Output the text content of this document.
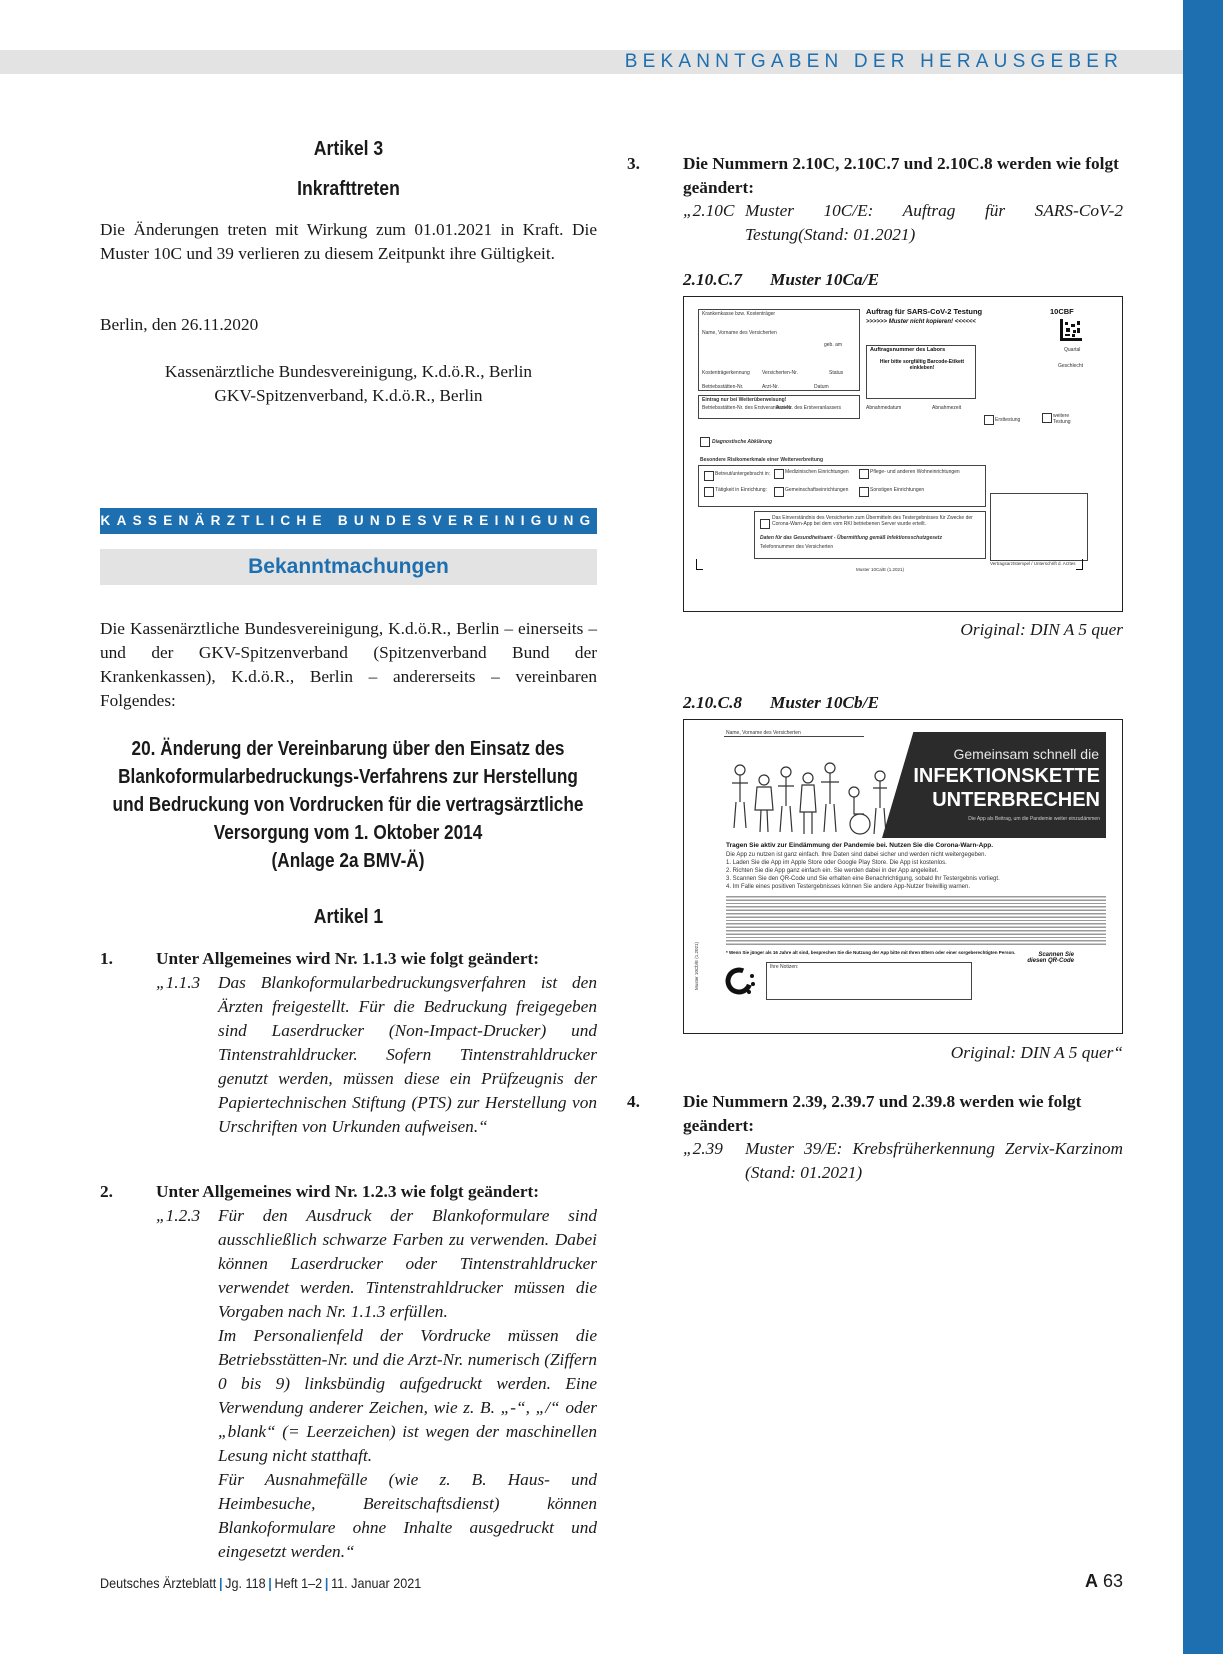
BEKANNTGABEN DER HERAUSGEBER
Artikel 3
Inkrafttreten
Die Änderungen treten mit Wirkung zum 01.01.2021 in Kraft. Die Muster 10C und 39 verlieren zu diesem Zeitpunkt ihre Gültigkeit.
Berlin, den 26.11.2020
Kassenärztliche Bundesvereinigung, K.d.ö.R., Berlin
GKV-Spitzenverband, K.d.ö.R., Berlin
KASSENÄRZTLICHE BUNDESVEREINIGUNG
Bekanntmachungen
Die Kassenärztliche Bundesvereinigung, K.d.ö.R., Berlin – einerseits – und der GKV-Spitzenverband (Spitzenverband Bund der Krankenkassen), K.d.ö.R., Berlin – andererseits – vereinbaren Folgendes:
20. Änderung der Vereinbarung über den Einsatz des
Blankoformularbedruckungs-Verfahrens zur Herstellung
und Bedruckung von Vordrucken für die vertragsärztliche
Versorgung vom 1. Oktober 2014
(Anlage 2a BMV-Ä)
Artikel 1
1. Unter Allgemeines wird Nr. 1.1.3 wie folgt geändert:
„1.1.3 Das Blankoformularbedruckungsverfahren ist den Ärzten freigestellt. Für die Bedruckung freigegeben sind Laserdrucker (Non-Impact-Drucker) und Tintenstrahldrucker. Sofern Tintenstrahldrucker genutzt werden, müssen diese ein Prüfzeugnis der Papiertechnischen Stiftung (PTS) zur Herstellung von Urschriften von Urkunden aufweisen.“
2. Unter Allgemeines wird Nr. 1.2.3 wie folgt geändert:
„1.2.3 Für den Ausdruck der Blankoformulare sind ausschließlich schwarze Farben zu verwenden. Dabei können Laserdrucker oder Tintenstrahldrucker verwendet werden. Tintenstrahldrucker müssen die Vorgaben nach Nr. 1.1.3 erfüllen.
Im Personalienfeld der Vordrucke müssen die Betriebsstätten-Nr. und die Arzt-Nr. numerisch (Ziffern 0 bis 9) linksbündig aufgedruckt werden. Eine Verwendung anderer Zeichen, wie z. B. „-“, „/“ oder „blank“ (= Leerzeichen) ist wegen der maschinellen Lesung nicht statthaft.
Für Ausnahmefälle (wie z. B. Haus- und Heimbesuche, Bereitschaftsdienst) können Blankoformulare ohne Inhalte ausgedruckt und eingesetzt werden.“
3. Die Nummern 2.10C, 2.10C.7 und 2.10C.8 werden wie folgt geändert:
„2.10C Muster 10C/E: Auftrag für SARS-CoV-2 Testung(Stand: 01.2021)
2.10.C.7 Muster 10Ca/E
Krankenkasse bzw. Kostenträger
Name, Vorname des Versicherten
geb. am
Kostenträgerkennung Versicherten-Nr.	Status
Betriebsstätten-Nr.	Arzt-Nr.	Datum
Eintrag nur bei Weiterüberweisung!
Betriebsstätten-Nr. des Erstveranlassers
Arzt-Nr. des Erstveranlassers
Auftrag für SARS-CoV-2 Testung
>>>>>> Muster nicht kopieren! <<<<<<
10CBF
Quartal
Geschlecht
Auftragsnummer des Labors
Hier bitte sorgfältig Barcode-Etikett einkleben!
Abnahmedatum	Abnahmezeit
Ersttestung
weitere Testung
Diagnostische Abklärung
Besondere Risikomerkmale einer Weiterverbreitung
Betreut/untergebracht in:
Tätigkeit in Einrichtung:
Medizinischen Einrichtungen
Gemeinschaftseinrichtungen
Pflege- und anderen Wohneinrichtungen
Sonstigen Einrichtungen
Das Einverständnis des Versicherten zum Übermitteln des Testergebnisses für Zwecke der Corona-Warn-App bei dem vom RKI betriebenen Server wurde erteilt.
Daten für das Gesundheitsamt - Übermittlung gemäß Infektionsschutzgesetz
Telefonnummer des Versicherten
Vertragsarztstempel / Unterschrift d. Arztes
Muster 10Ca/E (1.2021)
Original: DIN A 5 quer
2.10.C.8 Muster 10Cb/E
Name, Vorname des Versicherten
Gemeinsam schnell die
INFEKTIONSKETTE
UNTERBRECHEN
Die App als Beitrag, um die Pandemie weiter einzudämmen
Tragen Sie aktiv zur Eindämmung der Pandemie bei. Nutzen Sie die Corona-Warn-App.
Die App zu nutzen ist ganz einfach. Ihre Daten sind dabei sicher und werden nicht weitergegeben.
1. Laden Sie die App im Apple Store oder Google Play Store. Die App ist kostenlos.
2. Richten Sie die App ganz einfach ein. Sie werden dabei in der App angeleitet.
3. Scannen Sie den QR-Code und Sie erhalten eine Benachrichtigung, sobald Ihr Testergebnis vorliegt.
4. Im Falle eines positiven Testergebnisses können Sie andere App-Nutzer freiwillig warnen.
* Wenn Sie jünger als 16 Jahre alt sind, besprechen Sie die Nutzung der App bitte mit Ihren Eltern oder einer sorgeberechtigten Person.
Ihre Notizen:
Scannen Sie diesen QR-Code
Muster 10Cb/E (1.2021)
Original: DIN A 5 quer“
4. Die Nummern 2.39, 2.39.7 und 2.39.8 werden wie folgt geändert:
„2.39 Muster 39/E: Krebsfrüherkennung Zervix-Karzinom (Stand: 01.2021)
Deutsches Ärzteblatt | Jg. 118 | Heft 1–2 | 11. Januar 2021	A 63
